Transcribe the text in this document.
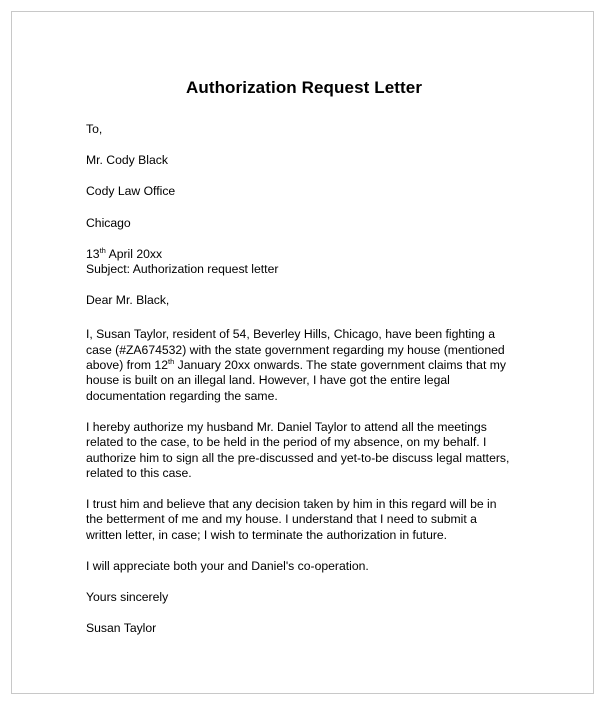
Authorization Request Letter
To,
Mr. Cody Black
Cody Law Office
Chicago
13th April 20xx
Subject: Authorization request letter
Dear Mr. Black,

I, Susan Taylor, resident of 54, Beverley Hills, Chicago, have been fighting a case (#ZA674532) with the state government regarding my house (mentioned above) from 12th January 20xx onwards. The state government claims that my house is built on an illegal land. However, I have got the entire legal documentation regarding the same.

I hereby authorize my husband Mr. Daniel Taylor to attend all the meetings related to the case, to be held in the period of my absence, on my behalf. I authorize him to sign all the pre-discussed and yet-to-be discuss legal matters, related to this case.

I trust him and believe that any decision taken by him in this regard will be in the betterment of me and my house. I understand that I need to submit a written letter, in case; I wish to terminate the authorization in future.

I will appreciate both your and Daniel's co-operation.

Yours sincerely
Susan Taylor
